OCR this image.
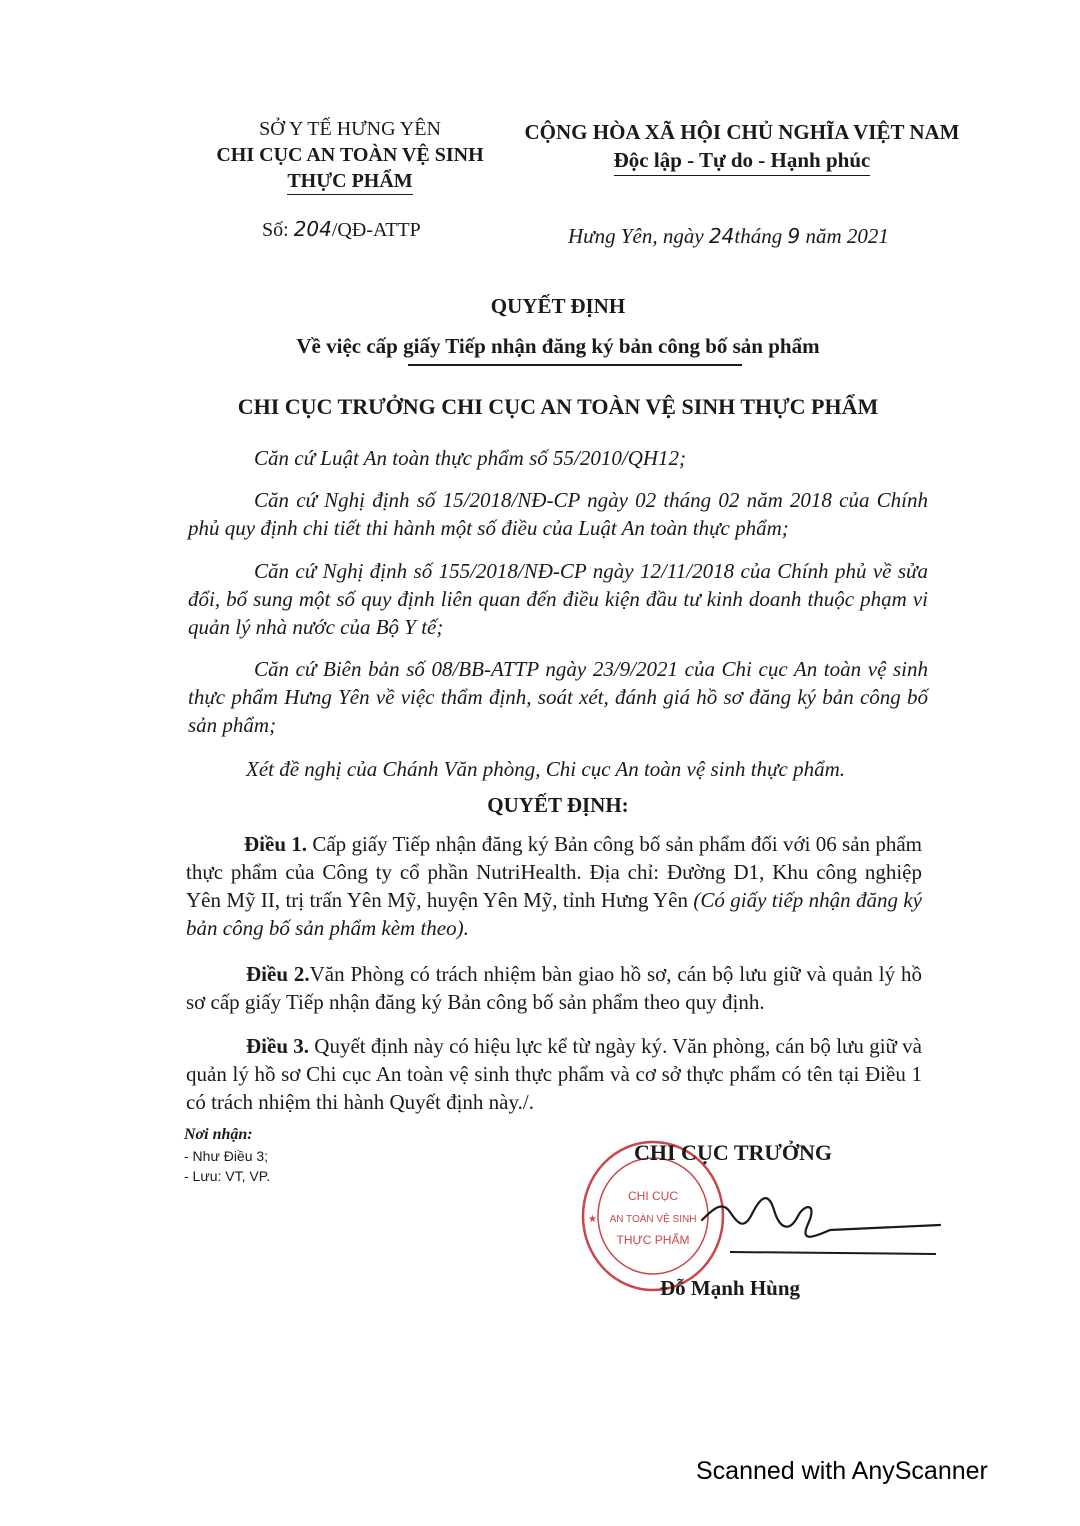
SỞ Y TẾ HƯNG YÊN
CHI CỤC AN TOÀN VỆ SINH
THỰC PHẨM
CỘNG HÒA XÃ HỘI CHỦ NGHĨA VIỆT NAM
Độc lập - Tự do - Hạnh phúc
Số: 204/QĐ-ATTP	Hưng Yên, ngày 24tháng 9 năm 2021
QUYẾT ĐỊNH
Về việc cấp giấy Tiếp nhận đăng ký bản công bố sản phẩm
CHI CỤC TRƯỞNG CHI CỤC AN TOÀN VỆ SINH THỰC PHẨM
Căn cứ Luật An toàn thực phẩm số 55/2010/QH12;
Căn cứ Nghị định số 15/2018/NĐ-CP ngày 02 tháng 02 năm 2018 của Chính phủ quy định chi tiết thi hành một số điều của Luật An toàn thực phẩm;
Căn cứ Nghị định số 155/2018/NĐ-CP ngày 12/11/2018 của Chính phủ về sửa đổi, bổ sung một số quy định liên quan đến điều kiện đầu tư kinh doanh thuộc phạm vi quản lý nhà nước của Bộ Y tế;
Căn cứ Biên bản số 08/BB-ATTP ngày 23/9/2021 của Chi cục An toàn vệ sinh thực phẩm Hưng Yên về việc thẩm định, soát xét, đánh giá hồ sơ đăng ký bản công bố sản phẩm;
Xét đề nghị của Chánh Văn phòng, Chi cục An toàn vệ sinh thực phẩm.
QUYẾT ĐỊNH:
Điều 1. Cấp giấy Tiếp nhận đăng ký Bản công bố sản phẩm đối với 06 sản phẩm thực phẩm của Công ty cổ phần NutriHealth. Địa chỉ: Đường D1, Khu công nghiệp Yên Mỹ II, trị trấn Yên Mỹ, huyện Yên Mỹ, tỉnh Hưng Yên (Có giấy tiếp nhận đăng ký bản công bố sản phẩm kèm theo).
Điều 2.Văn Phòng có trách nhiệm bàn giao hồ sơ, cán bộ lưu giữ và quản lý hồ sơ cấp giấy Tiếp nhận đăng ký Bản công bố sản phẩm theo quy định.
Điều 3. Quyết định này có hiệu lực kể từ ngày ký. Văn phòng, cán bộ lưu giữ và quản lý hồ sơ Chi cục An toàn vệ sinh thực phẩm và cơ sở thực phẩm có tên tại Điều 1 có trách nhiệm thi hành Quyết định này./.
Nơi nhận:
- Như Điều 3;
- Lưu: VT, VP.
CHI CỤC
AN TOÀN VỆ SINH
THỰC PHẨM
★
CHI CỤC TRƯỞNG
Đỗ Mạnh Hùng
Scanned with AnyScanner
